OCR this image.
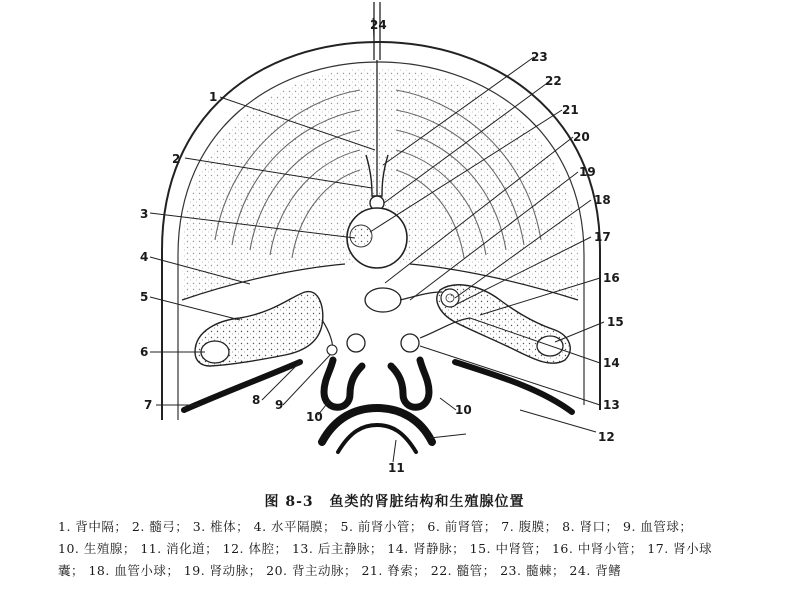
1
2
3
4
5
6
7	8 9
10	10
11
12
13
14
15
16
17
18
19
20
21
22
23
24
图 8-3 鱼类的肾脏结构和生殖腺位置
1. 背中隔； 2. 髓弓； 3. 椎体； 4. 水平隔膜； 5. 前肾小管； 6. 前肾管； 7. 腹膜； 8. 肾口； 9. 血管球； 10. 生殖腺； 11. 消化道； 12. 体腔； 13. 后主静脉； 14. 肾静脉； 15. 中肾管； 16. 中肾小管； 17. 肾小球囊； 18. 血管小球； 19. 肾动脉； 20. 背主动脉； 21. 脊索； 22. 髓管； 23. 髓棘； 24. 背鳍
